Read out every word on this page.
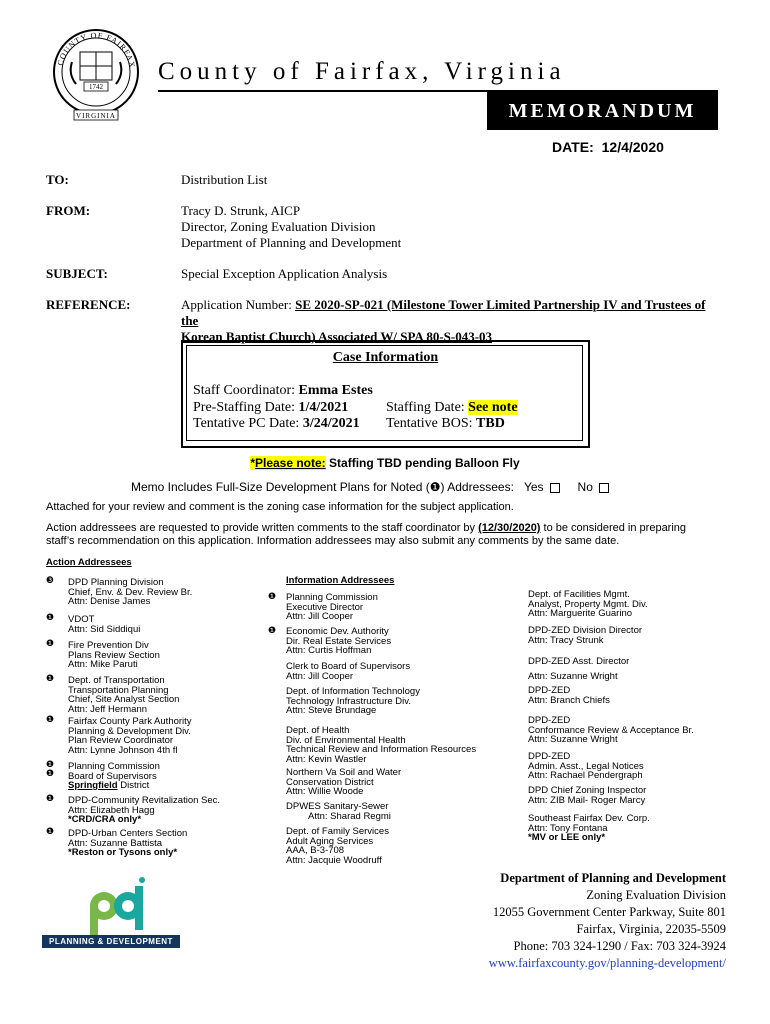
COUNTY OF FAIRFAX
1742
VIRGINIA
County of Fairfax, Virginia
MEMORANDUM
DATE: 12/4/2020
TO:	Distribution List
FROM:	Tracy D. Strunk, AICP
Director, Zoning Evaluation Division
Department of Planning and Development
SUBJECT:	Special Exception Application Analysis
REFERENCE:	Application Number: SE 2020-SP-021 (Milestone Tower Limited Partnership IV and Trustees of the
Korean Baptist Church) Associated W/ SPA 80-S-043-03
Case Information
Staff Coordinator: Emma Estes
Pre-Staffing Date: 1/4/2021	Staffing Date: See note
Tentative PC Date: 3/24/2021 Tentative BOS: TBD
*Please note: Staffing TBD pending Balloon Fly
Memo Includes Full-Size Development Plans for Noted (❶) Addressees: Yes	No
Attached for your review and comment is the zoning case information for the subject application.
Action addressees are requested to provide written comments to the staff coordinator by (12/30/2020) to be considered in preparing
staff’s recommendation on this application. Information addressees may also submit any comments by the same date.
Action Addressees
❸ DPD Planning Division
Chief, Env. & Dev. Review Br.
Attn: Denise James
❶ VDOT
Attn: Sid Siddiqui
❶ Fire Prevention Div
Plans Review Section
Attn: Mike Paruti
❶ Dept. of Transportation
Transportation Planning
Chief, Site Analyst Section
Attn: Jeff Hermann
❶ Fairfax County Park Authority
Planning & Development Div.
Plan Review Coordinator
Attn: Lynne Johnson 4th fl
❶
❶
Planning Commission
Board of Supervisors
Springfield District
❶ DPD-Community Revitalization Sec.
Attn: Elizabeth Hagg
*CRD/CRA only*
❶ DPD-Urban Centers Section
Attn: Suzanne Battista
*Reston or Tysons only*
Information Addressees
❶ Planning Commission
Executive Director
Attn: Jill Cooper
❶ Economic Dev. Authority
Dir. Real Estate Services
Attn: Curtis Hoffman
Clerk to Board of Supervisors
Attn: Jill Cooper
Dept. of Information Technology
Technology Infrastructure Div.
Attn: Steve Brundage
Dept. of Health
Div. of Environmental Health
Technical Review and Information Resources
Attn: Kevin Wastler
Northern Va Soil and Water
Conservation District
Attn: Willie Woode
DPWES Sanitary-Sewer
Attn: Sharad Regmi
Dept. of Family Services
Adult Aging Services
AAA, B-3-708
Attn: Jacquie Woodruff
Dept. of Facilities Mgmt.
Analyst, Property Mgmt. Div.
Attn: Marguerite Guarino
DPD-ZED Division Director
Attn: Tracy Strunk
DPD-ZED Asst. Director
Attn: Suzanne Wright
DPD-ZED
Attn: Branch Chiefs
DPD-ZED
Conformance Review & Acceptance Br.
Attn: Suzanne Wright
DPD-ZED
Admin. Asst., Legal Notices
Attn: Rachael Pendergraph
DPD Chief Zoning Inspector
Attn: ZIB Mail- Roger Marcy
Southeast Fairfax Dev. Corp.
Attn: Tony Fontana
*MV or LEE only*
PLANNING & DEVELOPMENT
Department of Planning and Development
Zoning Evaluation Division
12055 Government Center Parkway, Suite 801
Fairfax, Virginia, 22035-5509
Phone: 703 324-1290 / Fax: 703 324-3924
www.fairfaxcounty.gov/planning-development/
